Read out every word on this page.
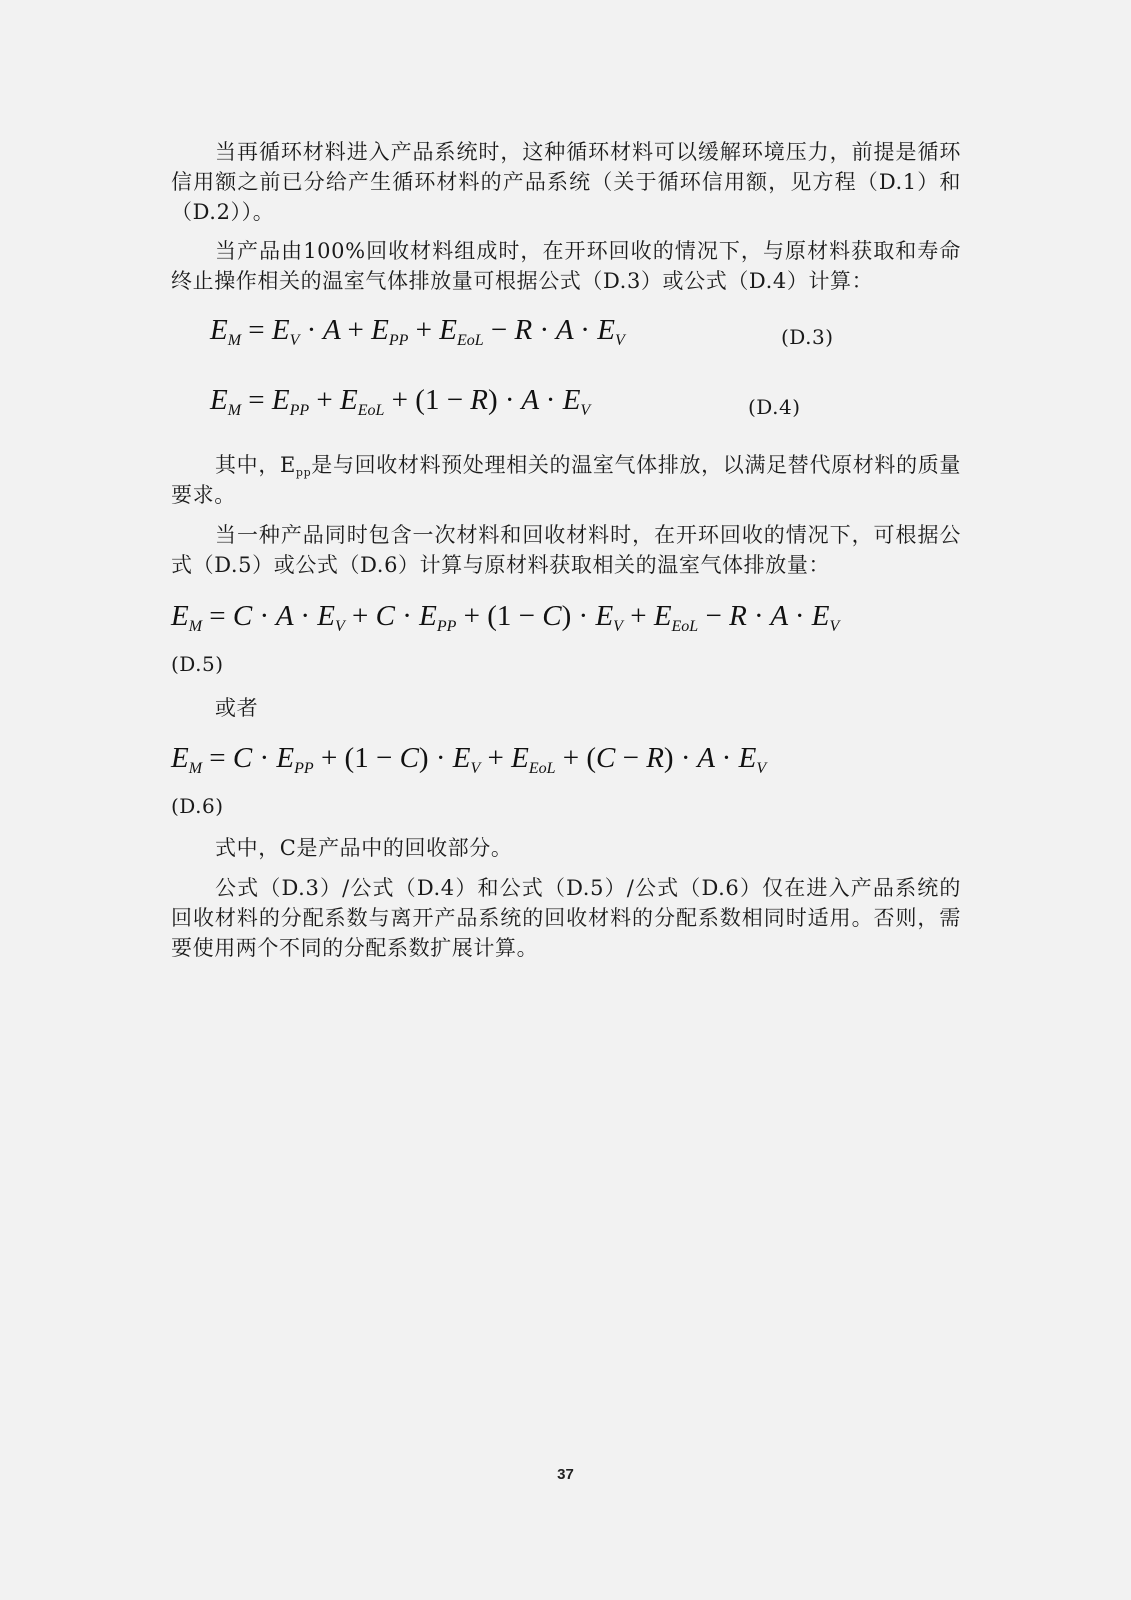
当再循环材料进入产品系统时，这种循环材料可以缓解环境压力，前提是循环信用额之前已分给产生循环材料的产品系统（关于循环信用额，见方程（D.1）和（D.2））。

当产品由100%回收材料组成时，在开环回收的情况下，与原材料获取和寿命终止操作相关的温室气体排放量可根据公式（D.3）或公式（D.4）计算：

$E_M = E_V \cdot A + E_{PP} + E_{EoL} - R \cdot A \cdot E_V$	(D.3)
$E_M = E_{PP} + E_{EoL} + (1 - R) \cdot A \cdot E_V$	(D.4)

其中，Epp是与回收材料预处理相关的温室气体排放，以满足替代原材料的质量要求。

当一种产品同时包含一次材料和回收材料时，在开环回收的情况下，可根据公式（D.5）或公式（D.6）计算与原材料获取相关的温室气体排放量：

$E_M = C \cdot A \cdot E_V + C \cdot E_{PP} + (1 - C) \cdot E_V + E_{EoL} - R \cdot A \cdot E_V$
(D.5)

或者

$E_M = C \cdot E_{PP} + (1 - C) \cdot E_V + E_{EoL} + (C - R) \cdot A \cdot E_V$
(D.6)

式中，C是产品中的回收部分。

公式（D.3）/公式（D.4）和公式（D.5）/公式（D.6）仅在进入产品系统的回收材料的分配系数与离开产品系统的回收材料的分配系数相同时适用。否则，需要使用两个不同的分配系数扩展计算。

37
